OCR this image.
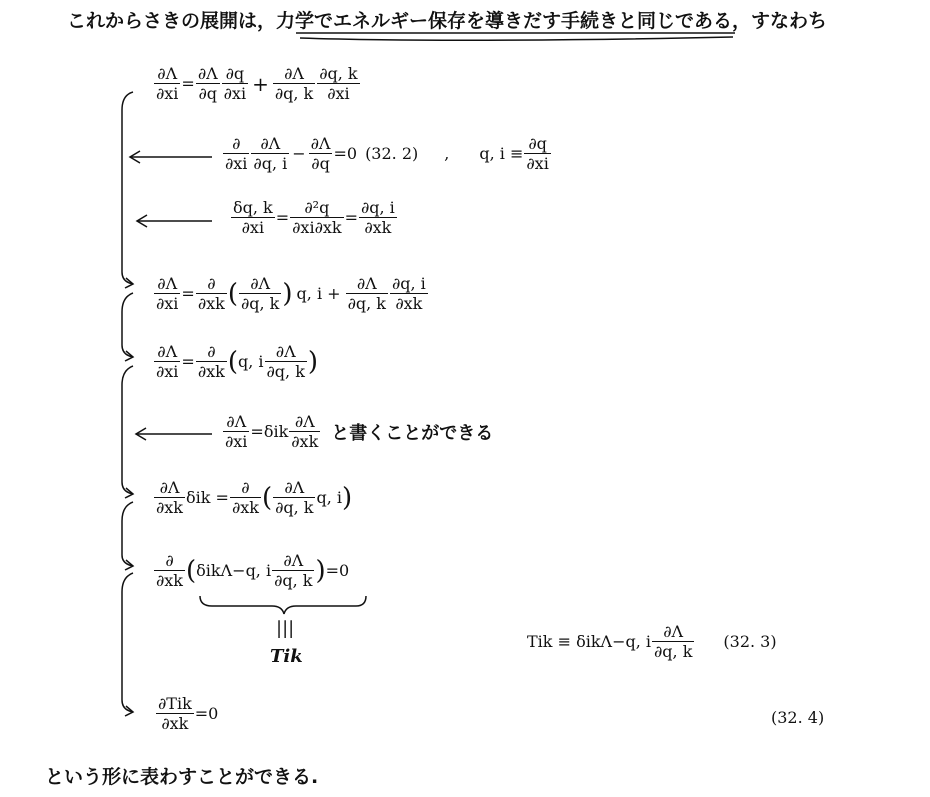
これからさきの展開は，力学でエネルギー保存を導きだす手続きと同じである，すなわち
$\frac{\partial\Lambda}{\partial xi} = \frac{\partial\Lambda}{\partial q} \frac{\partial q}{\partial xi} + \frac{\partial\Lambda}{\partial q, k} \frac{\partial q, k}{\partial xi}$
$\frac{\partial}{\partial xi} \frac{\partial\Lambda}{\partial q, i} - \frac{\partial\Lambda}{\partial q} =0$ (32. 2) , q, $i \equiv \frac{\partial q}{\partial xi}$
$\frac{\delta q, k}{\partial xi} = \frac{\text{∂²q}}{\partial xi\partial xk} = \frac{\partial q, i}{\partial xk}$
$\frac{\partial\Lambda}{\partial xi} = \frac{\partial}{\partial xk}$ ( $\frac{\partial\Lambda}{\partial q, k}$ ) q, $i + \frac{\partial\Lambda}{\partial q, k} \frac{\partial q, i}{\partial xk}$
$\frac{\partial\Lambda}{\partial xi} = \frac{\partial}{\partial xk}$ ( q, i $\frac{\partial\Lambda}{\partial q, k}$ )
$\frac{\partial\Lambda}{\partial xi} =\delta ik \frac{\partial\Lambda}{\partial xk}$ と書くことができる
$\frac{\partial\Lambda}{\partial xk}$ $\delta ik = \frac{\partial}{\partial xk}$ ( $\frac{\partial\Lambda}{\partial q, k} q$, i )
$\frac{\partial}{\partial xk}$ ( δikΛ−q, i $\frac{\partial\Lambda}{\partial q, k}$ ) =0
|||
Tik
Tik ≡ δikΛ−q, i $\frac{\partial\Lambda}{\partial q, k} (32$. 3)
$\frac{\text{∂Tik}}{\partial xk} =0$	(32. 4)
という形に表わすことができる.
